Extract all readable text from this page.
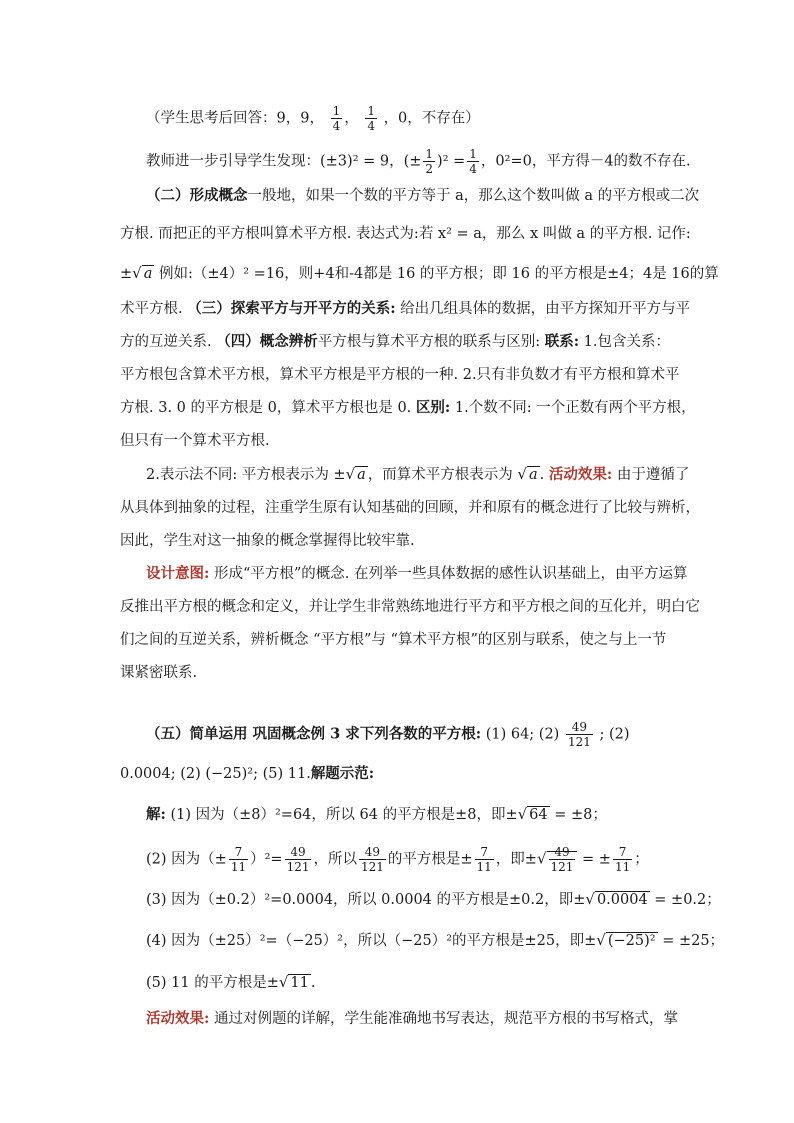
（学生思考后回答：9，9， $\frac{1}{4}$ ， $\frac{1}{4}$ ，0，不存在）
教师进一步引导学生发现：(±3)² = 9，(± $\frac{1}{2} )^2 = \frac{1}{4}$ ，0²=0，平方得－4的数不存在.
（二）形成概念一般地，如果一个数的平方等于 a，那么这个数叫做 a 的平方根或二次
方根. 而把正的平方根叫算术平方根. 表达式为:若 x² = a，那么 x 叫做 a 的平方根. 记作:
±√ a 例如:（±4）² =16，则+4和-4都是 16 的平方根；即 16 的平方根是±4；4是 16的算
术平方根. （三）探索平方与开平方的关系: 给出几组具体的数据，由平方探知开平方与平
方的互逆关系. （四）概念辨析平方根与算术平方根的联系与区别: 联系: 1.包含关系：
平方根包含算术平方根，算术平方根是平方根的一种. 2.只有非负数才有平方根和算术平
方根. 3. 0 的平方根是 0，算术平方根也是 0. 区别: 1.个数不同: 一个正数有两个平方根，
但只有一个算术平方根.
2.表示法不同: 平方根表示为 ±√ a ，而算术平方根表示为 √ a . 活动效果: 由于遵循了
从具体到抽象的过程，注重学生原有认知基础的回顾，并和原有的概念进行了比较与辨析，
因此，学生对这一抽象的概念掌握得比较牢靠.
设计意图: 形成“平方根”的概念. 在列举一些具体数据的感性认识基础上，由平方运算
反推出平方根的概念和定义，并让学生非常熟练地进行平方和平方根之间的互化并，明白它
们之间的互逆关系，辨析概念 “平方根”与 “算术平方根”的区别与联系，使之与上一节
课紧密联系.
（五）简单运用 巩固概念例 3 求下列各数的平方根: (1) 64; $(2) \frac{49}{121}$ ; (2)
0.0004; (2) (−25)²; (5) 11.解题示范:
解: (1) 因为（±8）²=64，所以 64 的平方根是±8，即±√ 64 = ±8；
(2) 因为（± $\frac{7}{11} )^2= \frac{49}{121}$ ，所以 $\frac{49}{121}$ 的平方根是± $\frac{7}{11}$ ，即±√ $\frac{49}{121}$ = ± $\frac{7}{11}$ ；
(3) 因为（±0.2）²=0.0004，所以 0.0004 的平方根是±0.2，即±√ 0.0004 = ±0.2；
(4) 因为（±25）²=（−25）²，所以（−25）²的平方根是±25，即±√ (−25)² = ±25；
(5) 11 的平方根是±√ 11 .
活动效果: 通过对例题的详解，学生能准确地书写表达，规范平方根的书写格式，掌
